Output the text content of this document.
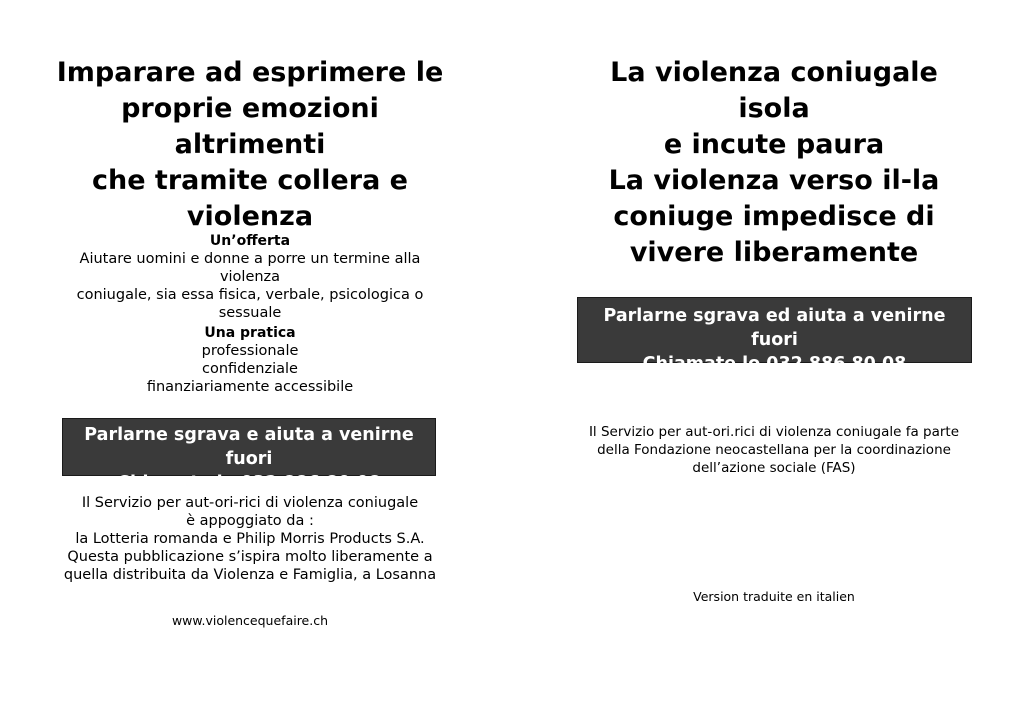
Imparare ad esprimere le
proprie emozioni altrimenti
che tramite collera e
violenza
Un’offerta
Aiutare uomini e donne a porre un termine alla violenza
coniugale, sia essa fisica, verbale, psicologica o
sessuale
Una pratica
professionale
confidenziale
finanziariamente accessibile
Parlarne sgrava e aiuta a venirne fuori
Chiamate lo 032 886 80 08
Il Servizio per aut-ori-rici di violenza coniugale
è appoggiato da :
la Lotteria romanda e Philip Morris Products S.A.
Questa pubblicazione s’ispira molto liberamente a
quella distribuita da Violenza e Famiglia, a Losanna
www.violencequefaire.ch
La violenza coniugale isola
e incute paura
La violenza verso il-la
coniuge impedisce di
vivere liberamente
Parlarne sgrava ed aiuta a venirne fuori
Chiamate lo 032 886 80 08
Il Servizio per aut-ori.rici di violenza coniugale fa parte
della Fondazione neocastellana per la coordinazione
dell’azione sociale (FAS)
Version traduite en italien
